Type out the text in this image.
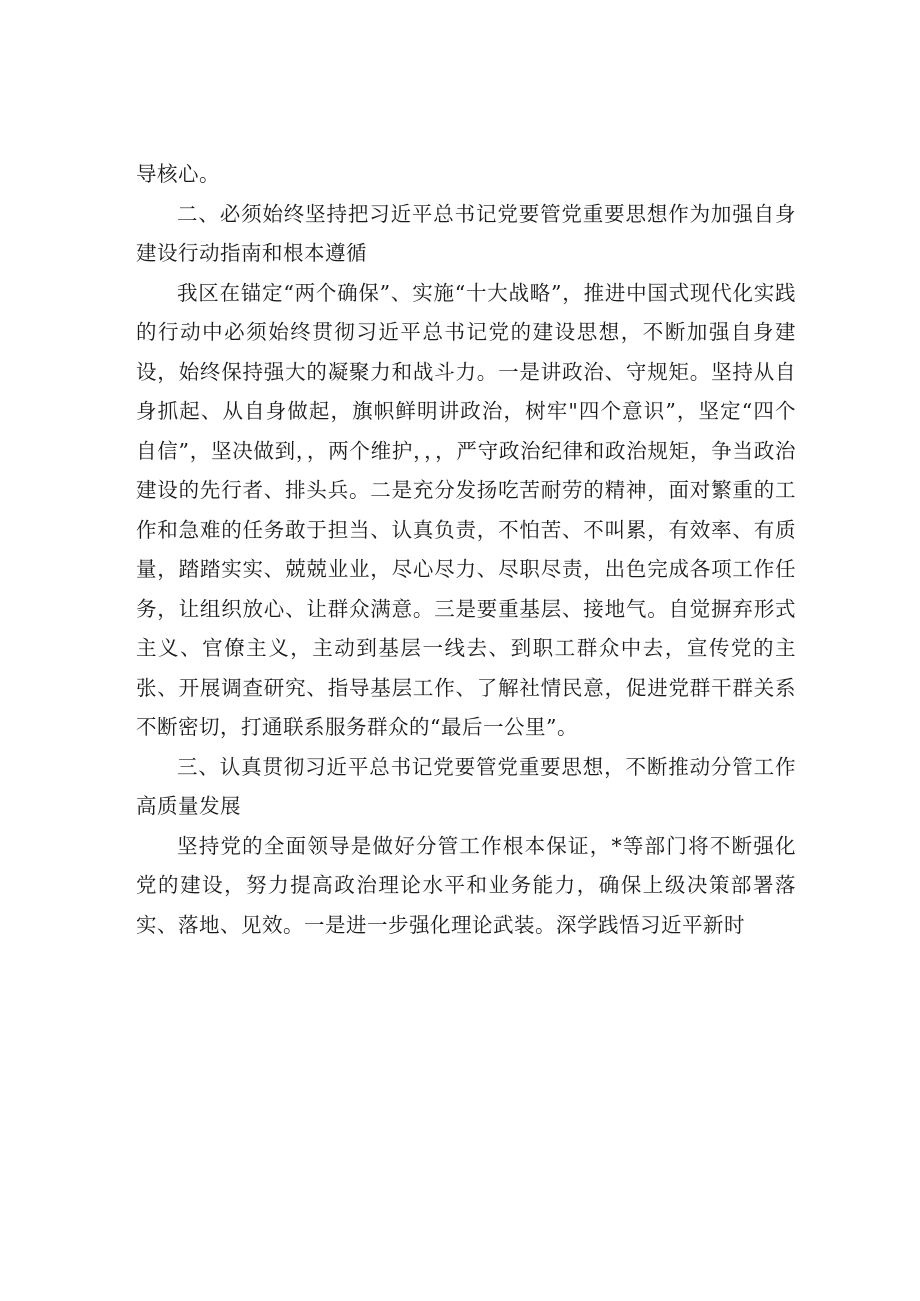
导核心。

二、必须始终坚持把习近平总书记党要管党重要思想作为加强自身建设行动指南和根本遵循

我区在锚定“两个确保”、实施“十大战略”，推进中国式现代化实践的行动中必须始终贯彻习近平总书记党的建设思想，不断加强自身建设，始终保持强大的凝聚力和战斗力。一是讲政治、守规矩。坚持从自身抓起、从自身做起，旗帜鲜明讲政治，树牢"四个意识”，坚定“四个自信”，坚决做到，，两个维护，，，严守政治纪律和政治规矩，争当政治建设的先行者、排头兵。二是充分发扬吃苦耐劳的精神，面对繁重的工作和急难的任务敢于担当、认真负责，不怕苦、不叫累，有效率、有质量，踏踏实实、兢兢业业，尽心尽力、尽职尽责，出色完成各项工作任务，让组织放心、让群众满意。三是要重基层、接地气。自觉摒弃形式主义、官僚主义，主动到基层一线去、到职工群众中去，宣传党的主张、开展调查研究、指导基层工作、了解社情民意，促进党群干群关系不断密切，打通联系服务群众的“最后一公里”。

三、认真贯彻习近平总书记党要管党重要思想，不断推动分管工作高质量发展

坚持党的全面领导是做好分管工作根本保证，*等部门将不断强化党的建设，努力提高政治理论水平和业务能力，确保上级决策部署落实、落地、见效。一是进一步强化理论武装。深学践悟习近平新时
